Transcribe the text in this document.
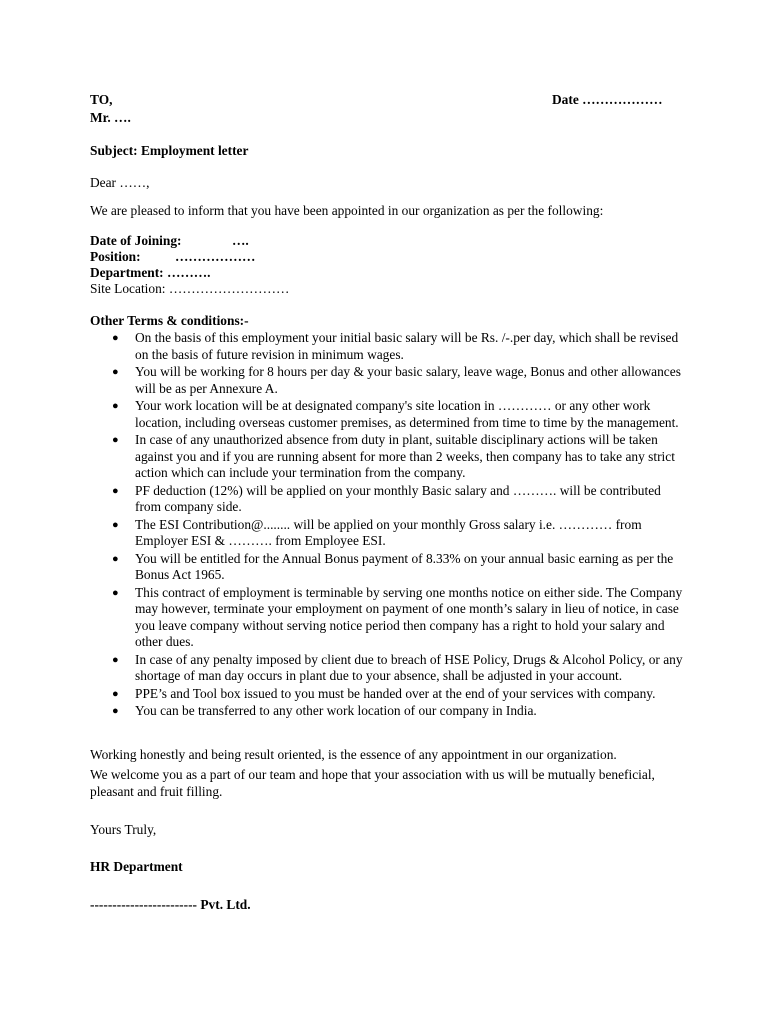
TO,	Date ………………
Mr. ….
Subject: Employment letter
Dear ……,
We are pleased to inform that you have been appointed in our organization as per the following:
Date of Joining:	….
Position:	………………
Department: ……….
Site Location: ………………………
Other Terms & conditions:-
● On the basis of this employment your initial basic salary will be Rs. /-.per day, which shall be revised on the basis of future revision in minimum wages.
● You will be working for 8 hours per day & your basic salary, leave wage, Bonus and other allowances will be as per Annexure A.
● Your work location will be at designated company's site location in ………… or any other work location, including overseas customer premises, as determined from time to time by the management.
● In case of any unauthorized absence from duty in plant, suitable disciplinary actions will be taken against you and if you are running absent for more than 2 weeks, then company has to take any strict action which can include your termination from the company.
● PF deduction (12%) will be applied on your monthly Basic salary and ………. will be contributed from company side.
● The ESI Contribution@........ will be applied on your monthly Gross salary i.e. ………… from Employer ESI & ………. from Employee ESI.
● You will be entitled for the Annual Bonus payment of 8.33% on your annual basic earning as per the Bonus Act 1965.
● This contract of employment is terminable by serving one months notice on either side. The Company may however, terminate your employment on payment of one month’s salary in lieu of notice, in case you leave company without serving notice period then company has a right to hold your salary and other dues.
● In case of any penalty imposed by client due to breach of HSE Policy, Drugs & Alcohol Policy, or any shortage of man day occurs in plant due to your absence, shall be adjusted in your account.
● PPE’s and Tool box issued to you must be handed over at the end of your services with company.
● You can be transferred to any other work location of our company in India.
Working honestly and being result oriented, is the essence of any appointment in our organization.
We welcome you as a part of our team and hope that your association with us will be mutually beneficial, pleasant and fruit filling.
Yours Truly,
HR Department
------------------------ Pvt. Ltd.
